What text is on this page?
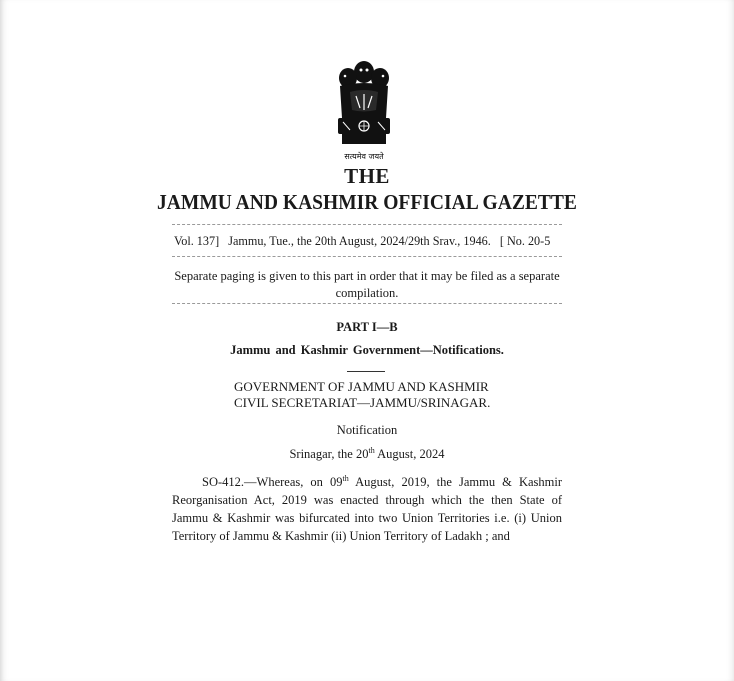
सत्यमेव जयते
THE
JAMMU AND KASHMIR OFFICIAL GAZETTE
Vol. 137] Jammu, Tue., the 20th August, 2024/29th Srav., 1946. [ No. 20-5
Separate paging is given to this part in order that it may be filed as a separate compilation.
PART I—B
Jammu and Kashmir Government—Notifications.
GOVERNMENT OF JAMMU AND KASHMIR
CIVIL SECRETARIAT—JAMMU/SRINAGAR.
Notification
Srinagar, the 20th August, 2024
SO-412.—Whereas, on 09th August, 2019, the Jammu & Kashmir Reorganisation Act, 2019 was enacted through which the then State of Jammu & Kashmir was bifurcated into two Union Territories i.e. (i) Union Territory of Jammu & Kashmir (ii) Union Territory of Ladakh ; and
